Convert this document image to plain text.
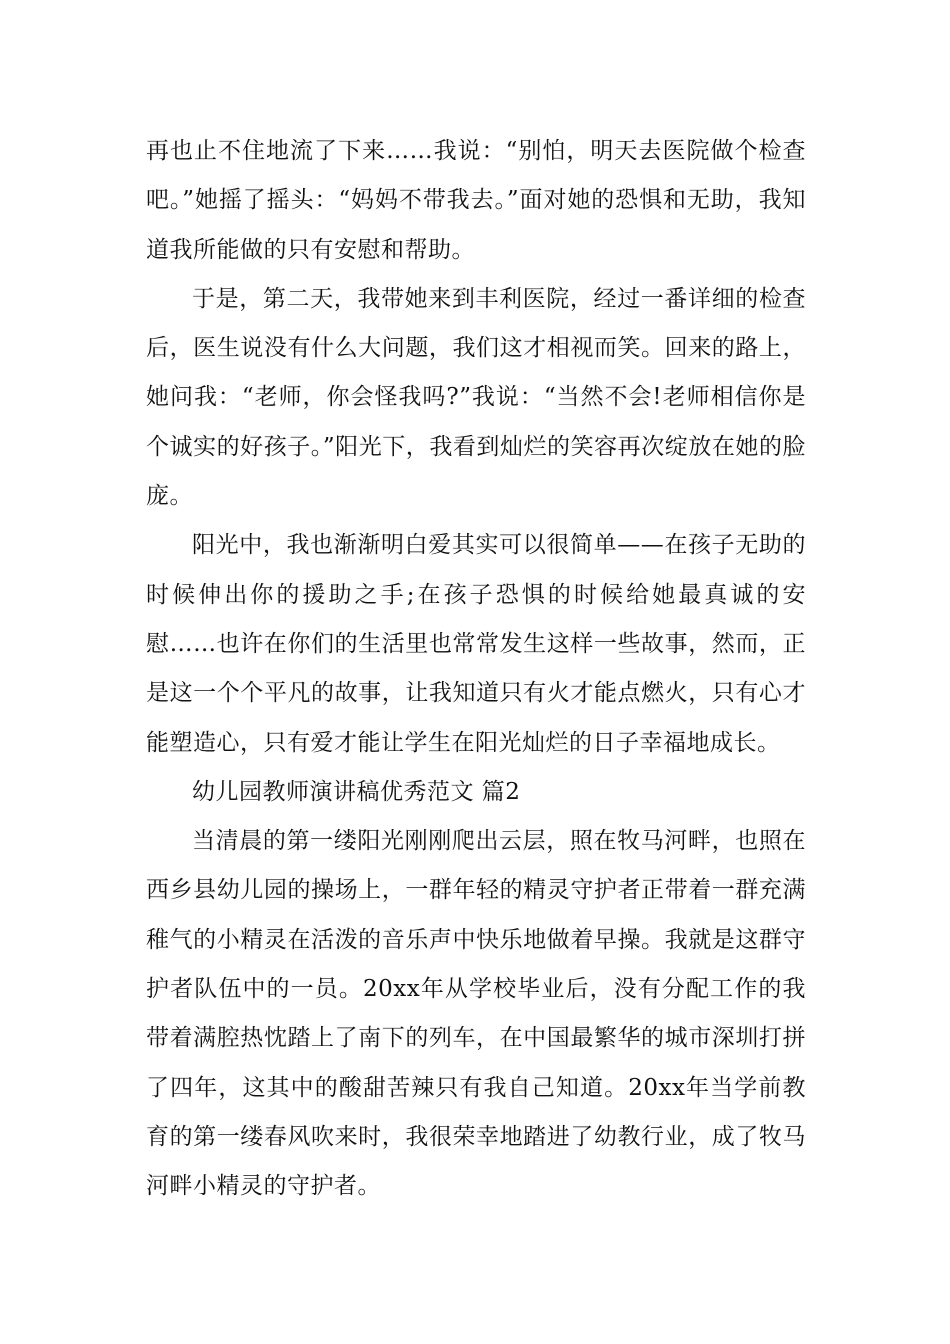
再也止不住地流了下来……我说：“别怕，明天去医院做个检查吧。”她摇了摇头：“妈妈不带我去。”面对她的恐惧和无助，我知道我所能做的只有安慰和帮助。

于是，第二天，我带她来到丰利医院，经过一番详细的检查后，医生说没有什么大问题，我们这才相视而笑。回来的路上，她问我：“老师，你会怪我吗?”我说：“当然不会!老师相信你是个诚实的好孩子。”阳光下，我看到灿烂的笑容再次绽放在她的脸庞。

阳光中，我也渐渐明白爱其实可以很简单——在孩子无助的时候伸出你的援助之手;在孩子恐惧的时候给她最真诚的安慰……也许在你们的生活里也常常发生这样一些故事，然而，正是这一个个平凡的故事，让我知道只有火才能点燃火，只有心才能塑造心，只有爱才能让学生在阳光灿烂的日子幸福地成长。

幼儿园教师演讲稿优秀范文 篇2

当清晨的第一缕阳光刚刚爬出云层，照在牧马河畔，也照在西乡县幼儿园的操场上，一群年轻的精灵守护者正带着一群充满稚气的小精灵在活泼的音乐声中快乐地做着早操。我就是这群守护者队伍中的一员。20xx年从学校毕业后，没有分配工作的我带着满腔热忱踏上了南下的列车，在中国最繁华的城市深圳打拼了四年，这其中的酸甜苦辣只有我自己知道。20xx年当学前教育的第一缕春风吹来时，我很荣幸地踏进了幼教行业，成了牧马河畔小精灵的守护者。
